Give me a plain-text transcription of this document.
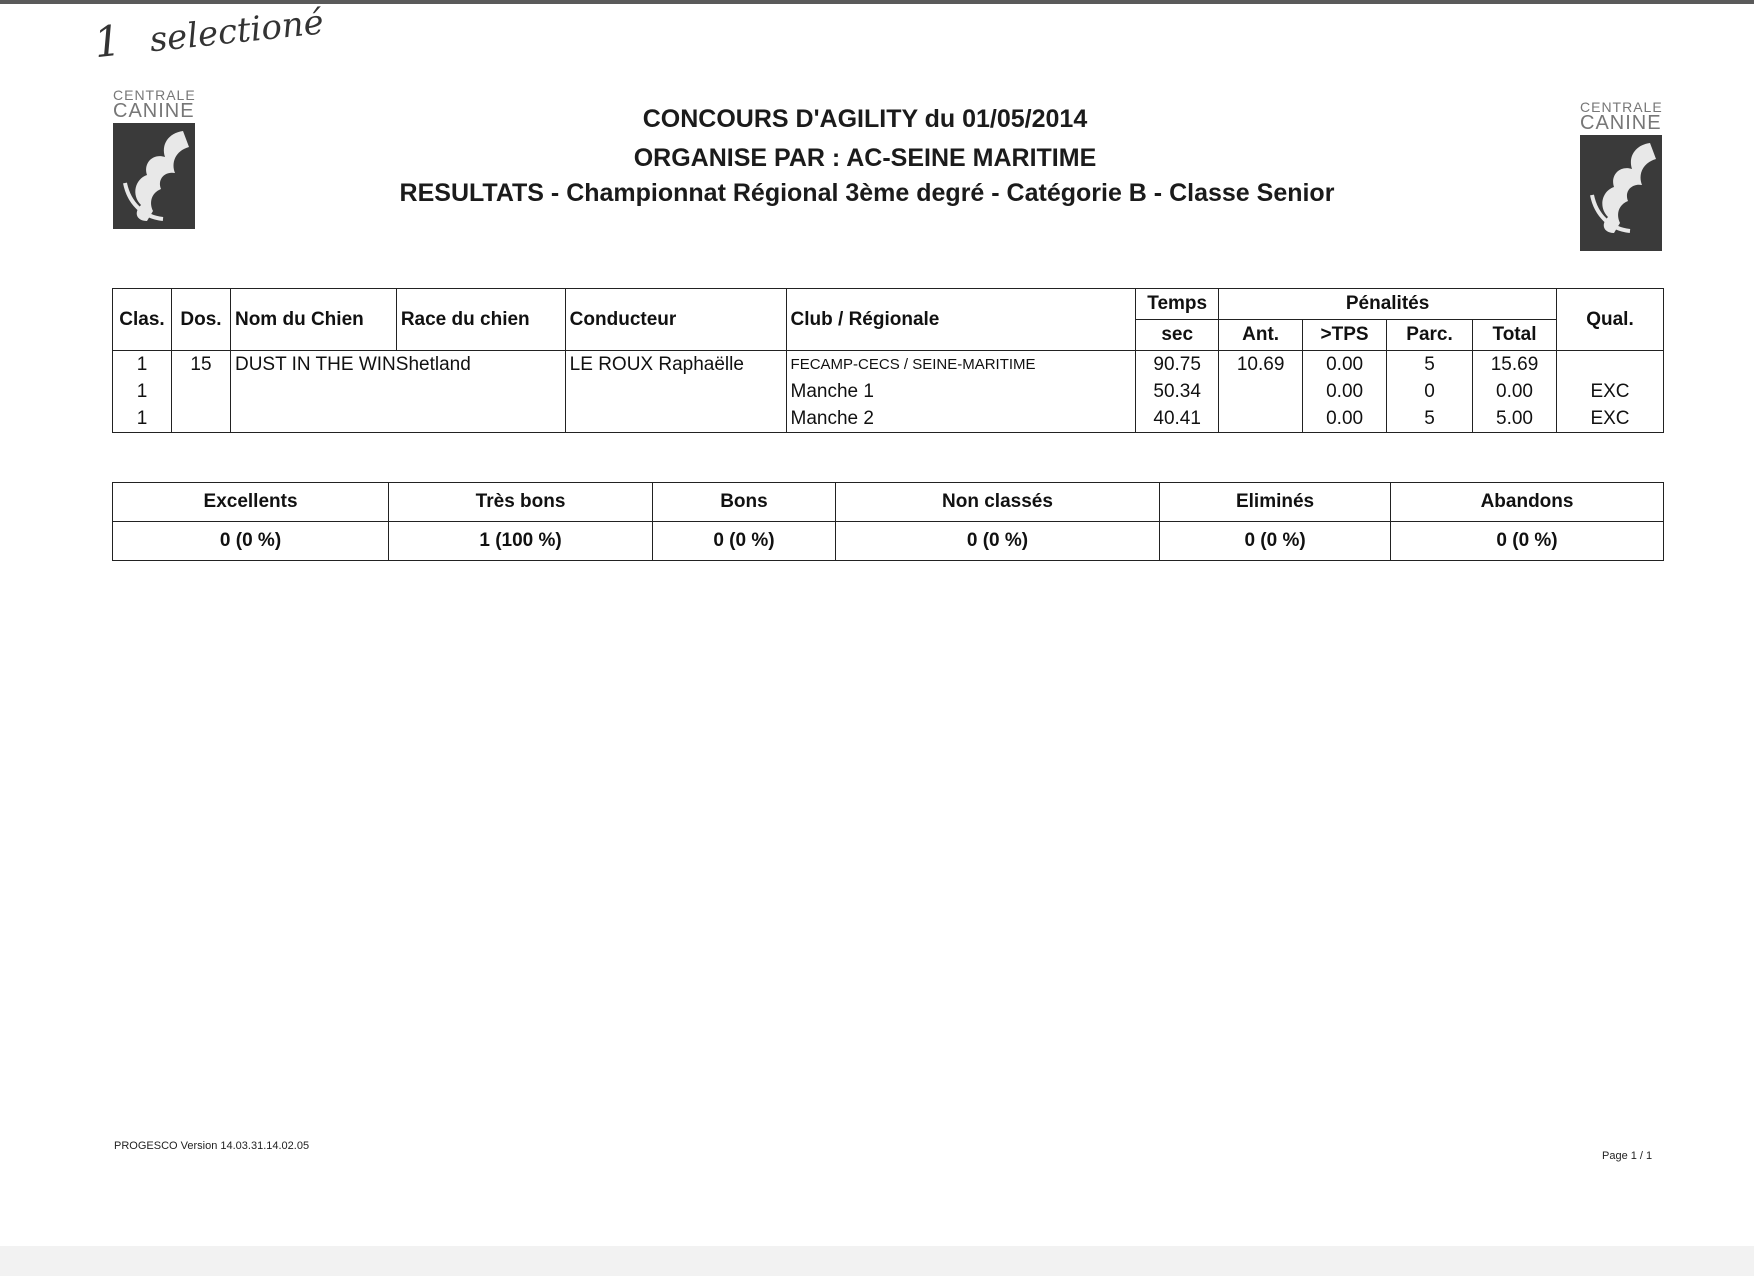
1 selectioné
CENTRALE
CANINE	CENTRALE
CANINE
CONCOURS D'AGILITY du 01/05/2014
ORGANISE PAR : AC-SEINE MARITIME
RESULTATS - Championnat Régional 3ème degré - Catégorie B - Classe Senior
Clas.	Dos.	Nom du Chien	Race du chien	Conducteur	Club / Régionale	Temps	Pénalités				Qual.
						sec	Ant.	>TPS	Parc.	Total	
1	15	DUST IN THE WINShetland		LE ROUX Raphaëlle	FECAMP-CECS / SEINE-MARITIME	90.75	10.69	0.00	5	15.69	
1					Manche 1	50.34		0.00	0	0.00	EXC
1					Manche 2	40.41		0.00	5	5.00	EXC
Excellents	Très bons	Bons	Non classés	Eliminés	Abandons
0 (0 %)	1 (100 %)	0 (0 %)	0 (0 %)	0 (0 %)	0 (0 %)
PROGESCO Version 14.03.31.14.02.05
Page 1 / 1
